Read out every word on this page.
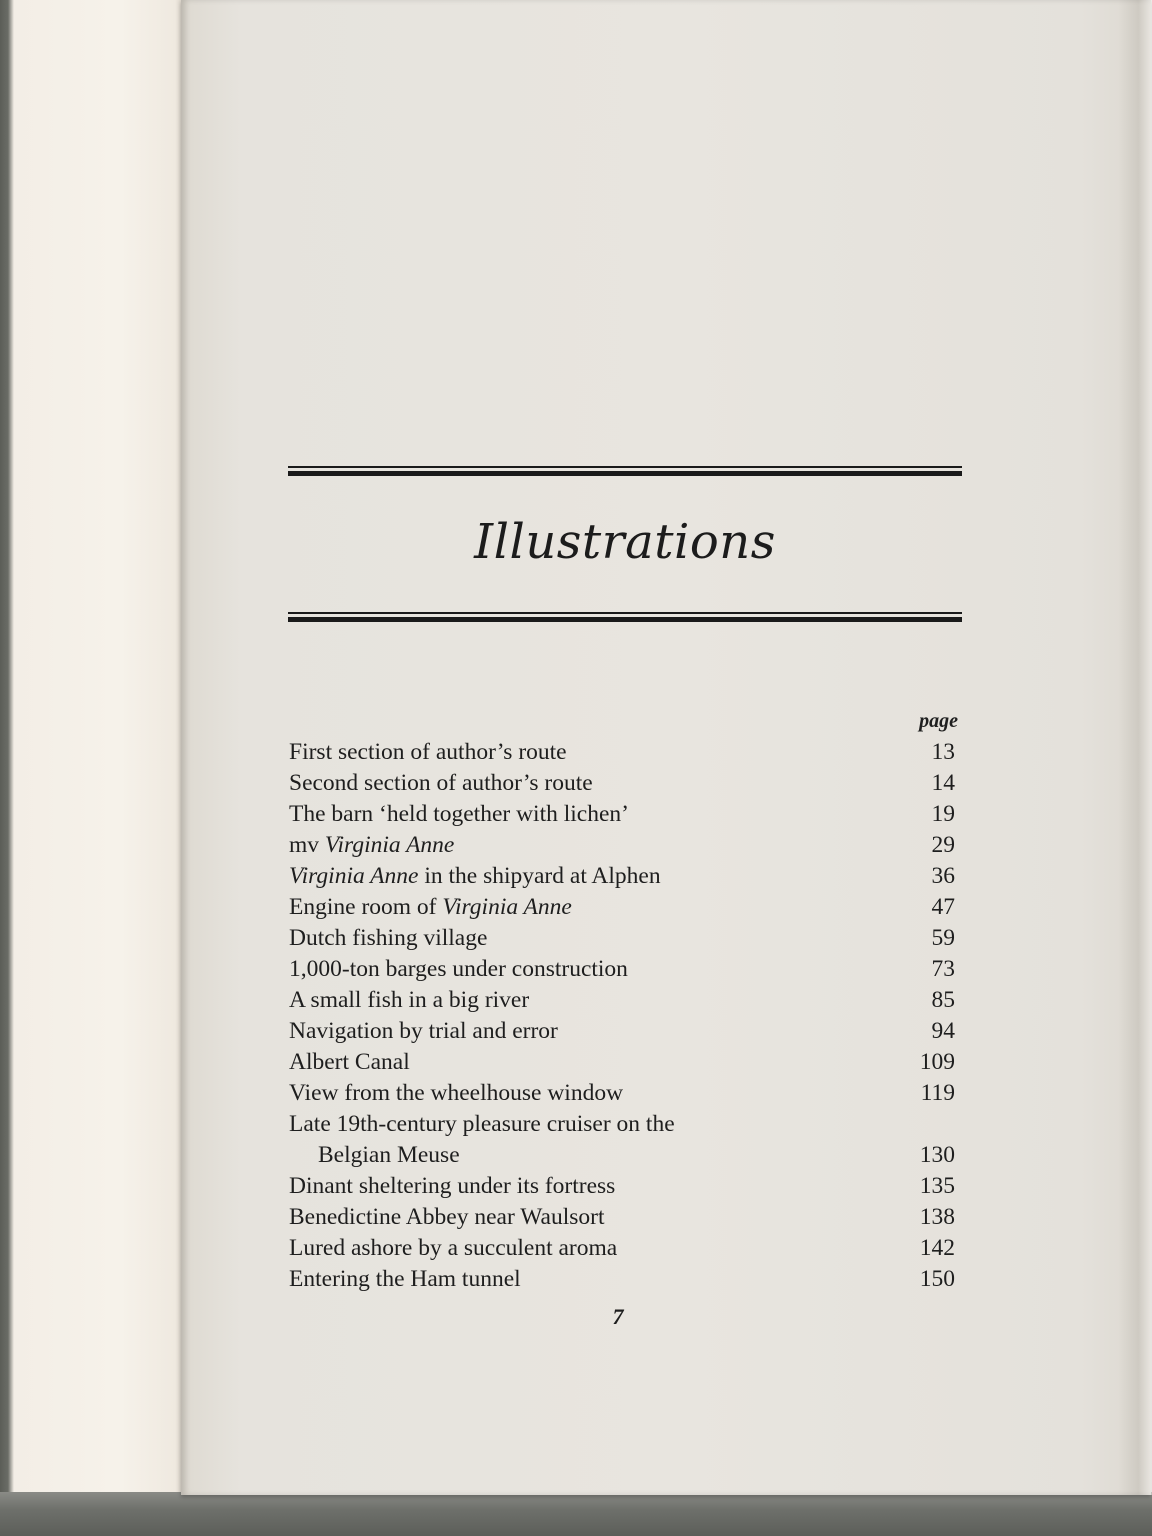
Illustrations
page
First section of author’s route	13
Second section of author’s route	14
The barn ‘held together with lichen’	19
mv Virginia Anne	29
Virginia Anne in the shipyard at Alphen	36
Engine room of Virginia Anne	47
Dutch fishing village	59
1,000-ton barges under construction	73
A small fish in a big river	85
Navigation by trial and error	94
Albert Canal	109
View from the wheelhouse window	119
Late 19th-century pleasure cruiser on the
Belgian Meuse	130
Dinant sheltering under its fortress	135
Benedictine Abbey near Waulsort	138
Lured ashore by a succulent aroma	142
Entering the Ham tunnel	150
7
